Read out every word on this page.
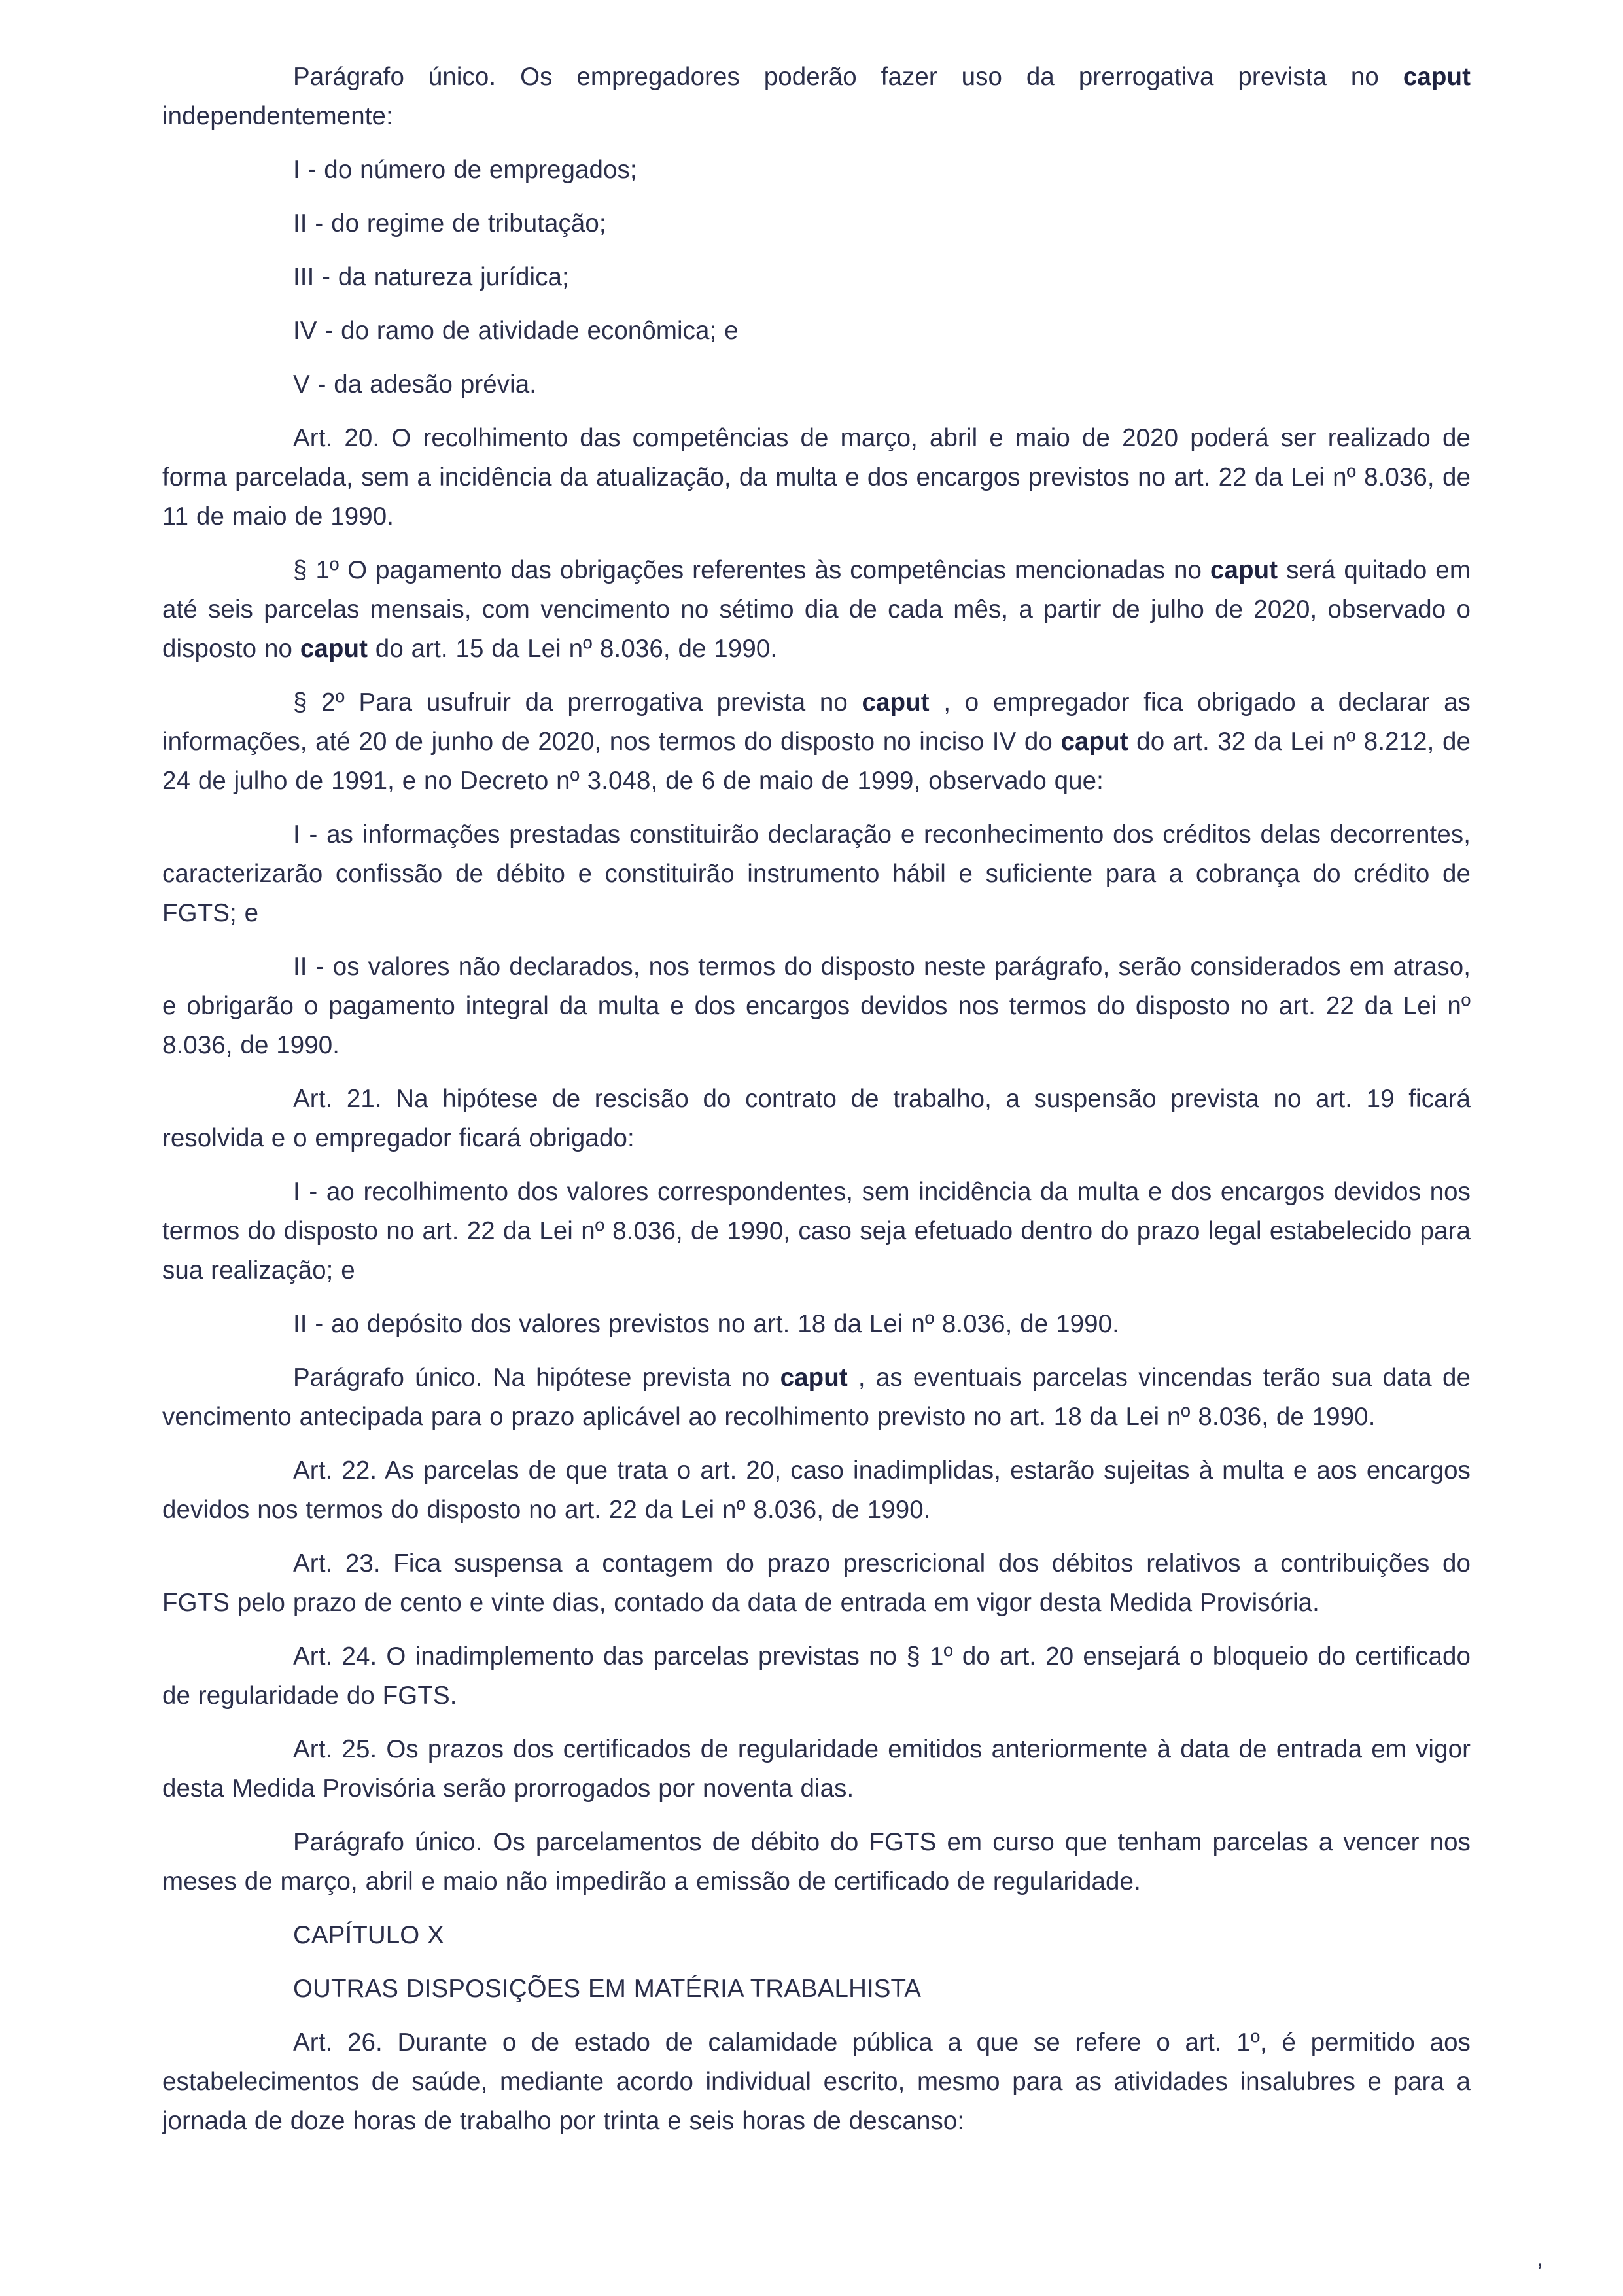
Parágrafo único. Os empregadores poderão fazer uso da prerrogativa prevista no caput independentemente:

I - do número de empregados;

II - do regime de tributação;

III - da natureza jurídica;

IV - do ramo de atividade econômica; e

V - da adesão prévia.

Art. 20. O recolhimento das competências de março, abril e maio de 2020 poderá ser realizado de forma parcelada, sem a incidência da atualização, da multa e dos encargos previstos no art. 22 da Lei nº 8.036, de 11 de maio de 1990.

§ 1º O pagamento das obrigações referentes às competências mencionadas no caput será quitado em até seis parcelas mensais, com vencimento no sétimo dia de cada mês, a partir de julho de 2020, observado o disposto no caput do art. 15 da Lei nº 8.036, de 1990.

§ 2º Para usufruir da prerrogativa prevista no caput , o empregador fica obrigado a declarar as informações, até 20 de junho de 2020, nos termos do disposto no inciso IV do caput do art. 32 da Lei nº 8.212, de 24 de julho de 1991, e no Decreto nº 3.048, de 6 de maio de 1999, observado que:

I - as informações prestadas constituirão declaração e reconhecimento dos créditos delas decorrentes, caracterizarão confissão de débito e constituirão instrumento hábil e suficiente para a cobrança do crédito de FGTS; e

II - os valores não declarados, nos termos do disposto neste parágrafo, serão considerados em atraso, e obrigarão o pagamento integral da multa e dos encargos devidos nos termos do disposto no art. 22 da Lei nº 8.036, de 1990.

Art. 21. Na hipótese de rescisão do contrato de trabalho, a suspensão prevista no art. 19 ficará resolvida e o empregador ficará obrigado:

I - ao recolhimento dos valores correspondentes, sem incidência da multa e dos encargos devidos nos termos do disposto no art. 22 da Lei nº 8.036, de 1990, caso seja efetuado dentro do prazo legal estabelecido para sua realização; e

II - ao depósito dos valores previstos no art. 18 da Lei nº 8.036, de 1990.

Parágrafo único. Na hipótese prevista no caput , as eventuais parcelas vincendas terão sua data de vencimento antecipada para o prazo aplicável ao recolhimento previsto no art. 18 da Lei nº 8.036, de 1990.

Art. 22. As parcelas de que trata o art. 20, caso inadimplidas, estarão sujeitas à multa e aos encargos devidos nos termos do disposto no art. 22 da Lei nº 8.036, de 1990.

Art. 23. Fica suspensa a contagem do prazo prescricional dos débitos relativos a contribuições do FGTS pelo prazo de cento e vinte dias, contado da data de entrada em vigor desta Medida Provisória.

Art. 24. O inadimplemento das parcelas previstas no § 1º do art. 20 ensejará o bloqueio do certificado de regularidade do FGTS.

Art. 25. Os prazos dos certificados de regularidade emitidos anteriormente à data de entrada em vigor desta Medida Provisória serão prorrogados por noventa dias.

Parágrafo único. Os parcelamentos de débito do FGTS em curso que tenham parcelas a vencer nos meses de março, abril e maio não impedirão a emissão de certificado de regularidade.

CAPÍTULO X

OUTRAS DISPOSIÇÕES EM MATÉRIA TRABALHISTA

Art. 26. Durante o de estado de calamidade pública a que se refere o art. 1º, é permitido aos estabelecimentos de saúde, mediante acordo individual escrito, mesmo para as atividades insalubres e para a jornada de doze horas de trabalho por trinta e seis horas de descanso:

,
